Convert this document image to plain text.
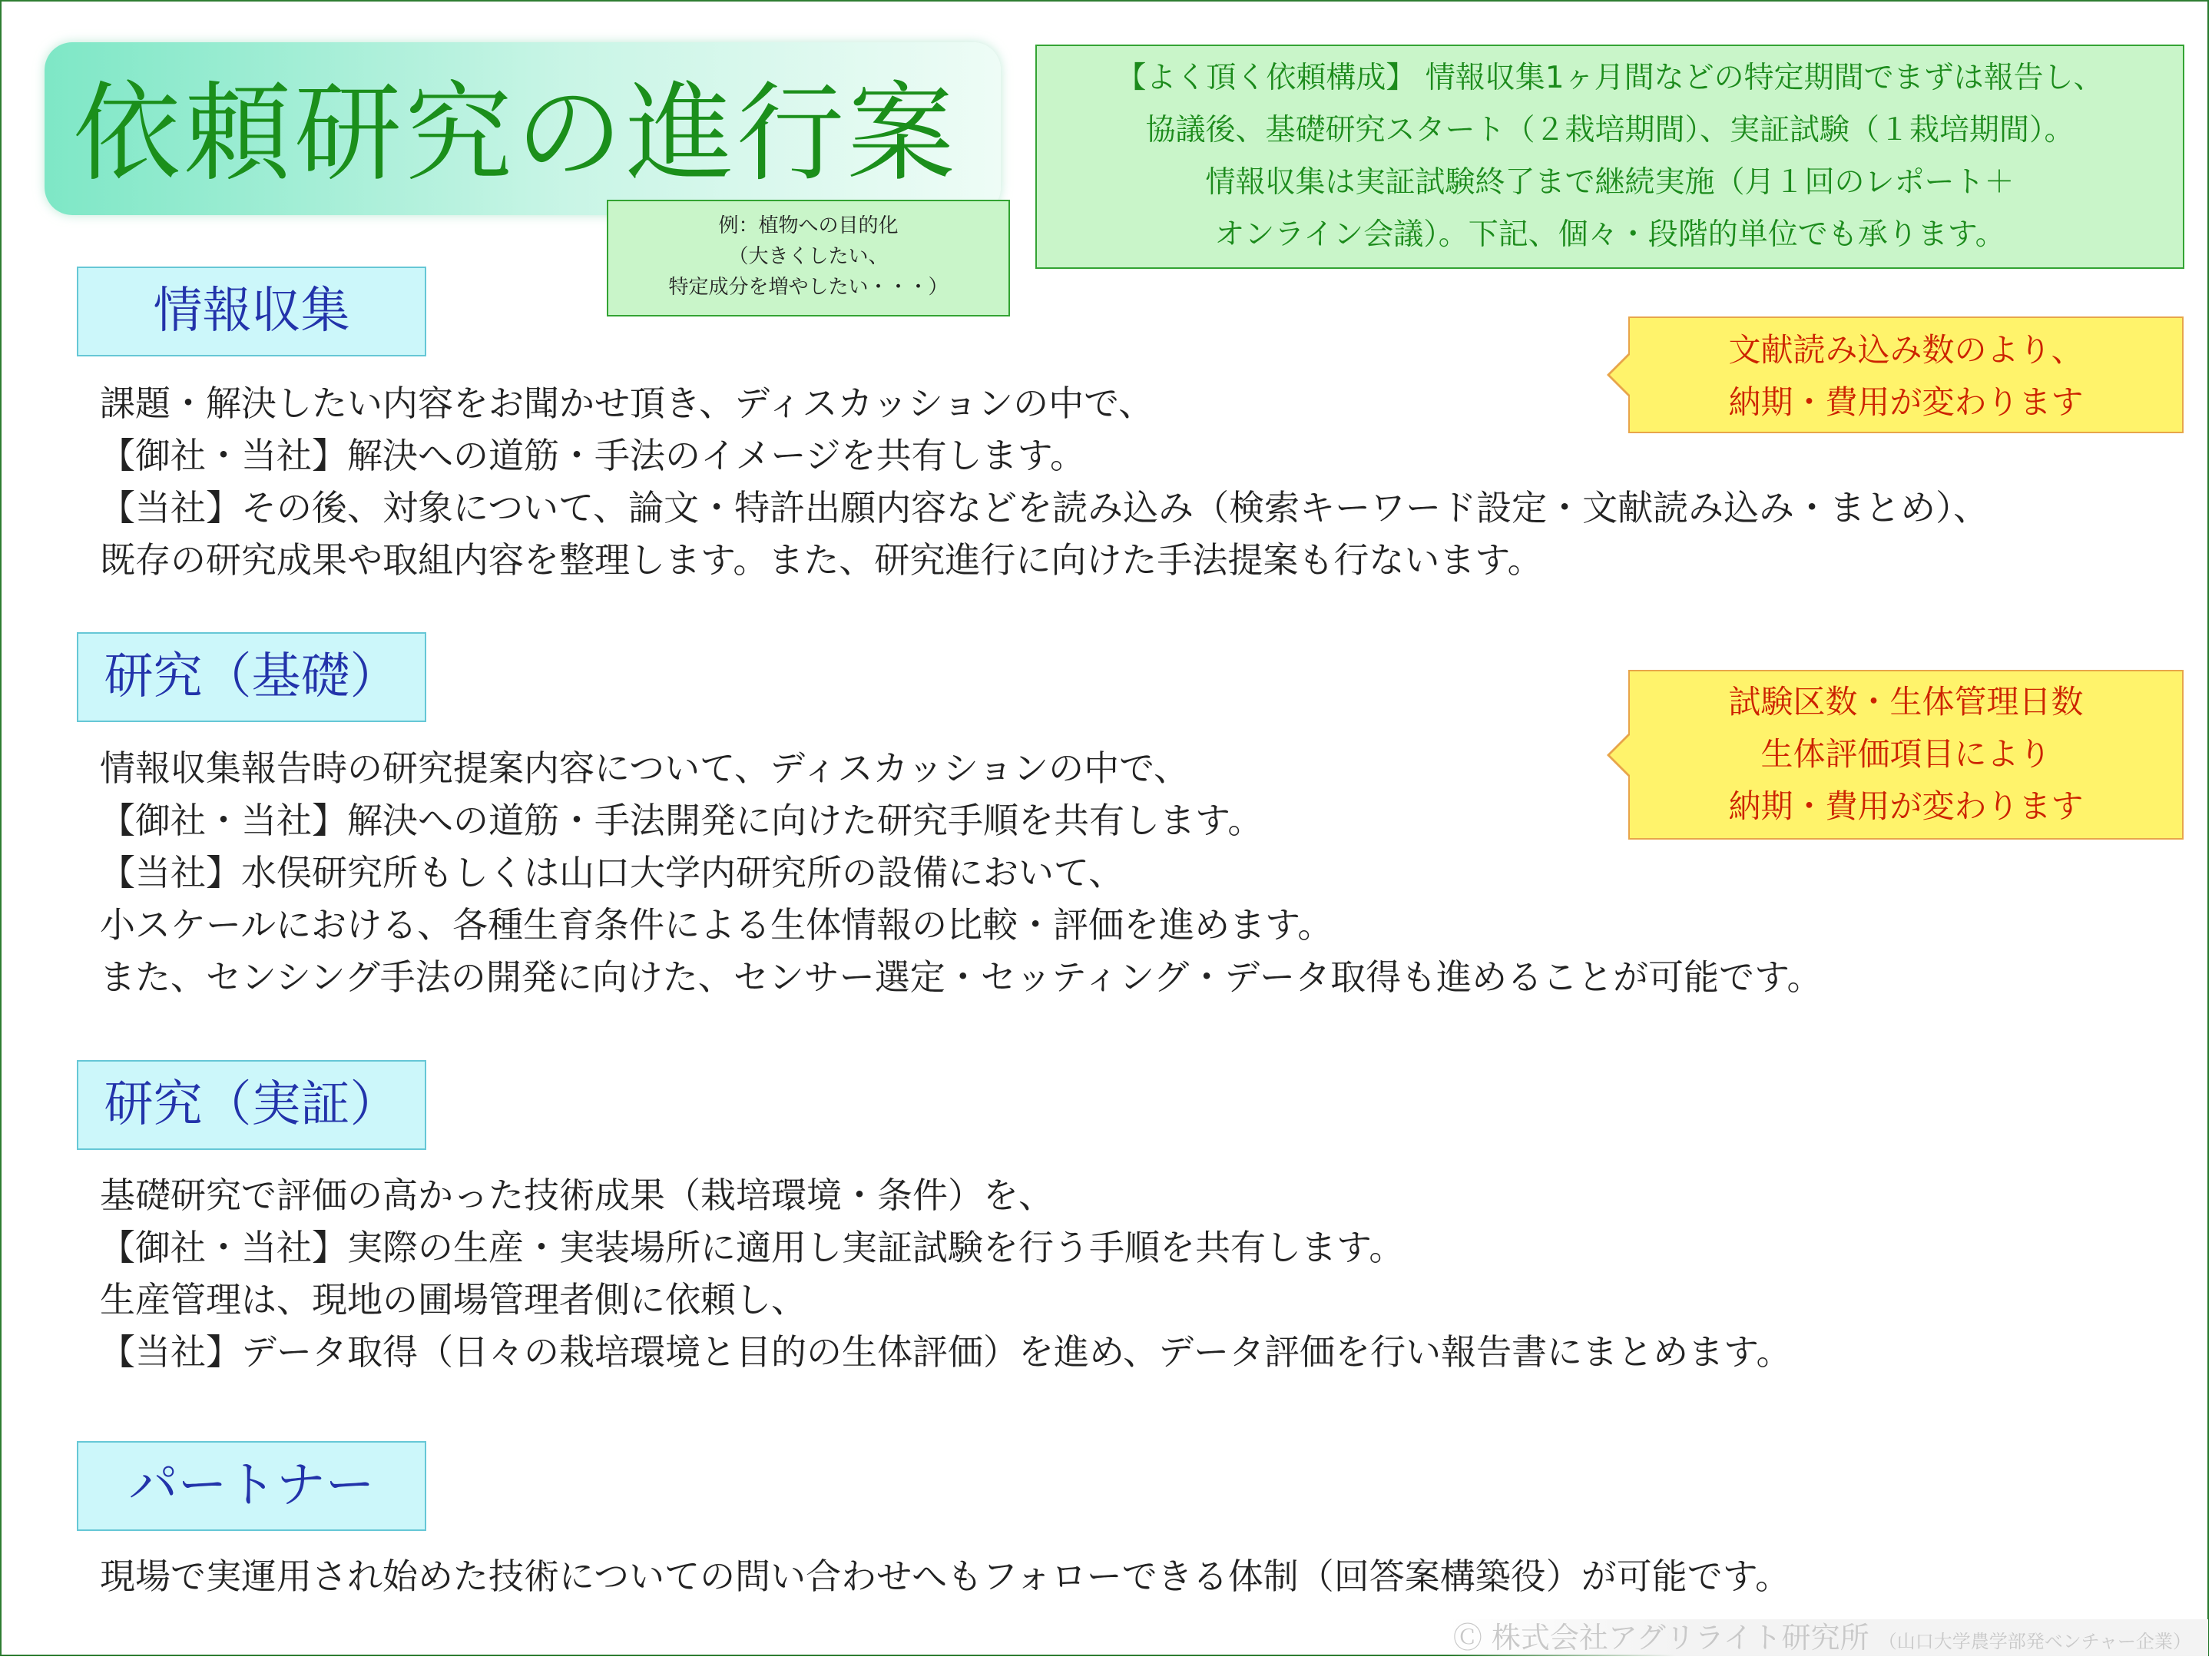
依頼研究の進行案
例：植物への目的化
（大きくしたい、
特定成分を増やしたい・・・）
【よく頂く依頼構成】 情報収集1ヶ月間などの特定期間でまずは報告し、
協議後、基礎研究スタート（２栽培期間）、実証試験（１栽培期間）。
情報収集は実証試験終了まで継続実施（月１回のレポート＋
オンライン会議）。下記、個々・段階的単位でも承ります。
情報収集
課題・解決したい内容をお聞かせ頂き、ディスカッションの中で、
【御社・当社】解決への道筋・手法のイメージを共有します。
【当社】その後、対象について、論文・特許出願内容などを読み込み（検索キーワード設定・文献読み込み・まとめ）、
既存の研究成果や取組内容を整理します。また、研究進行に向けた手法提案も行ないます。
文献読み込み数のより、
納期・費用が変わります
研究（基礎）
情報収集報告時の研究提案内容について、ディスカッションの中で、
【御社・当社】解決への道筋・手法開発に向けた研究手順を共有します。
【当社】水俣研究所もしくは山口大学内研究所の設備において、
小スケールにおける、各種生育条件による生体情報の比較・評価を進めます。
また、センシング手法の開発に向けた、センサー選定・セッティング・データ取得も進めることが可能です。
試験区数・生体管理日数
生体評価項目により
納期・費用が変わります
研究（実証）
基礎研究で評価の高かった技術成果（栽培環境・条件）を、
【御社・当社】実際の生産・実装場所に適用し実証試験を行う手順を共有します。
生産管理は、現地の圃場管理者側に依頼し、
【当社】データ取得（日々の栽培環境と目的の生体評価）を進め、データ評価を行い報告書にまとめます。
パートナー
現場で実運用され始めた技術についての問い合わせへもフォローできる体制（回答案構築役）が可能です。
Ⓒ 株式会社アグリライト研究所 （山口大学農学部発ベンチャー企業）
